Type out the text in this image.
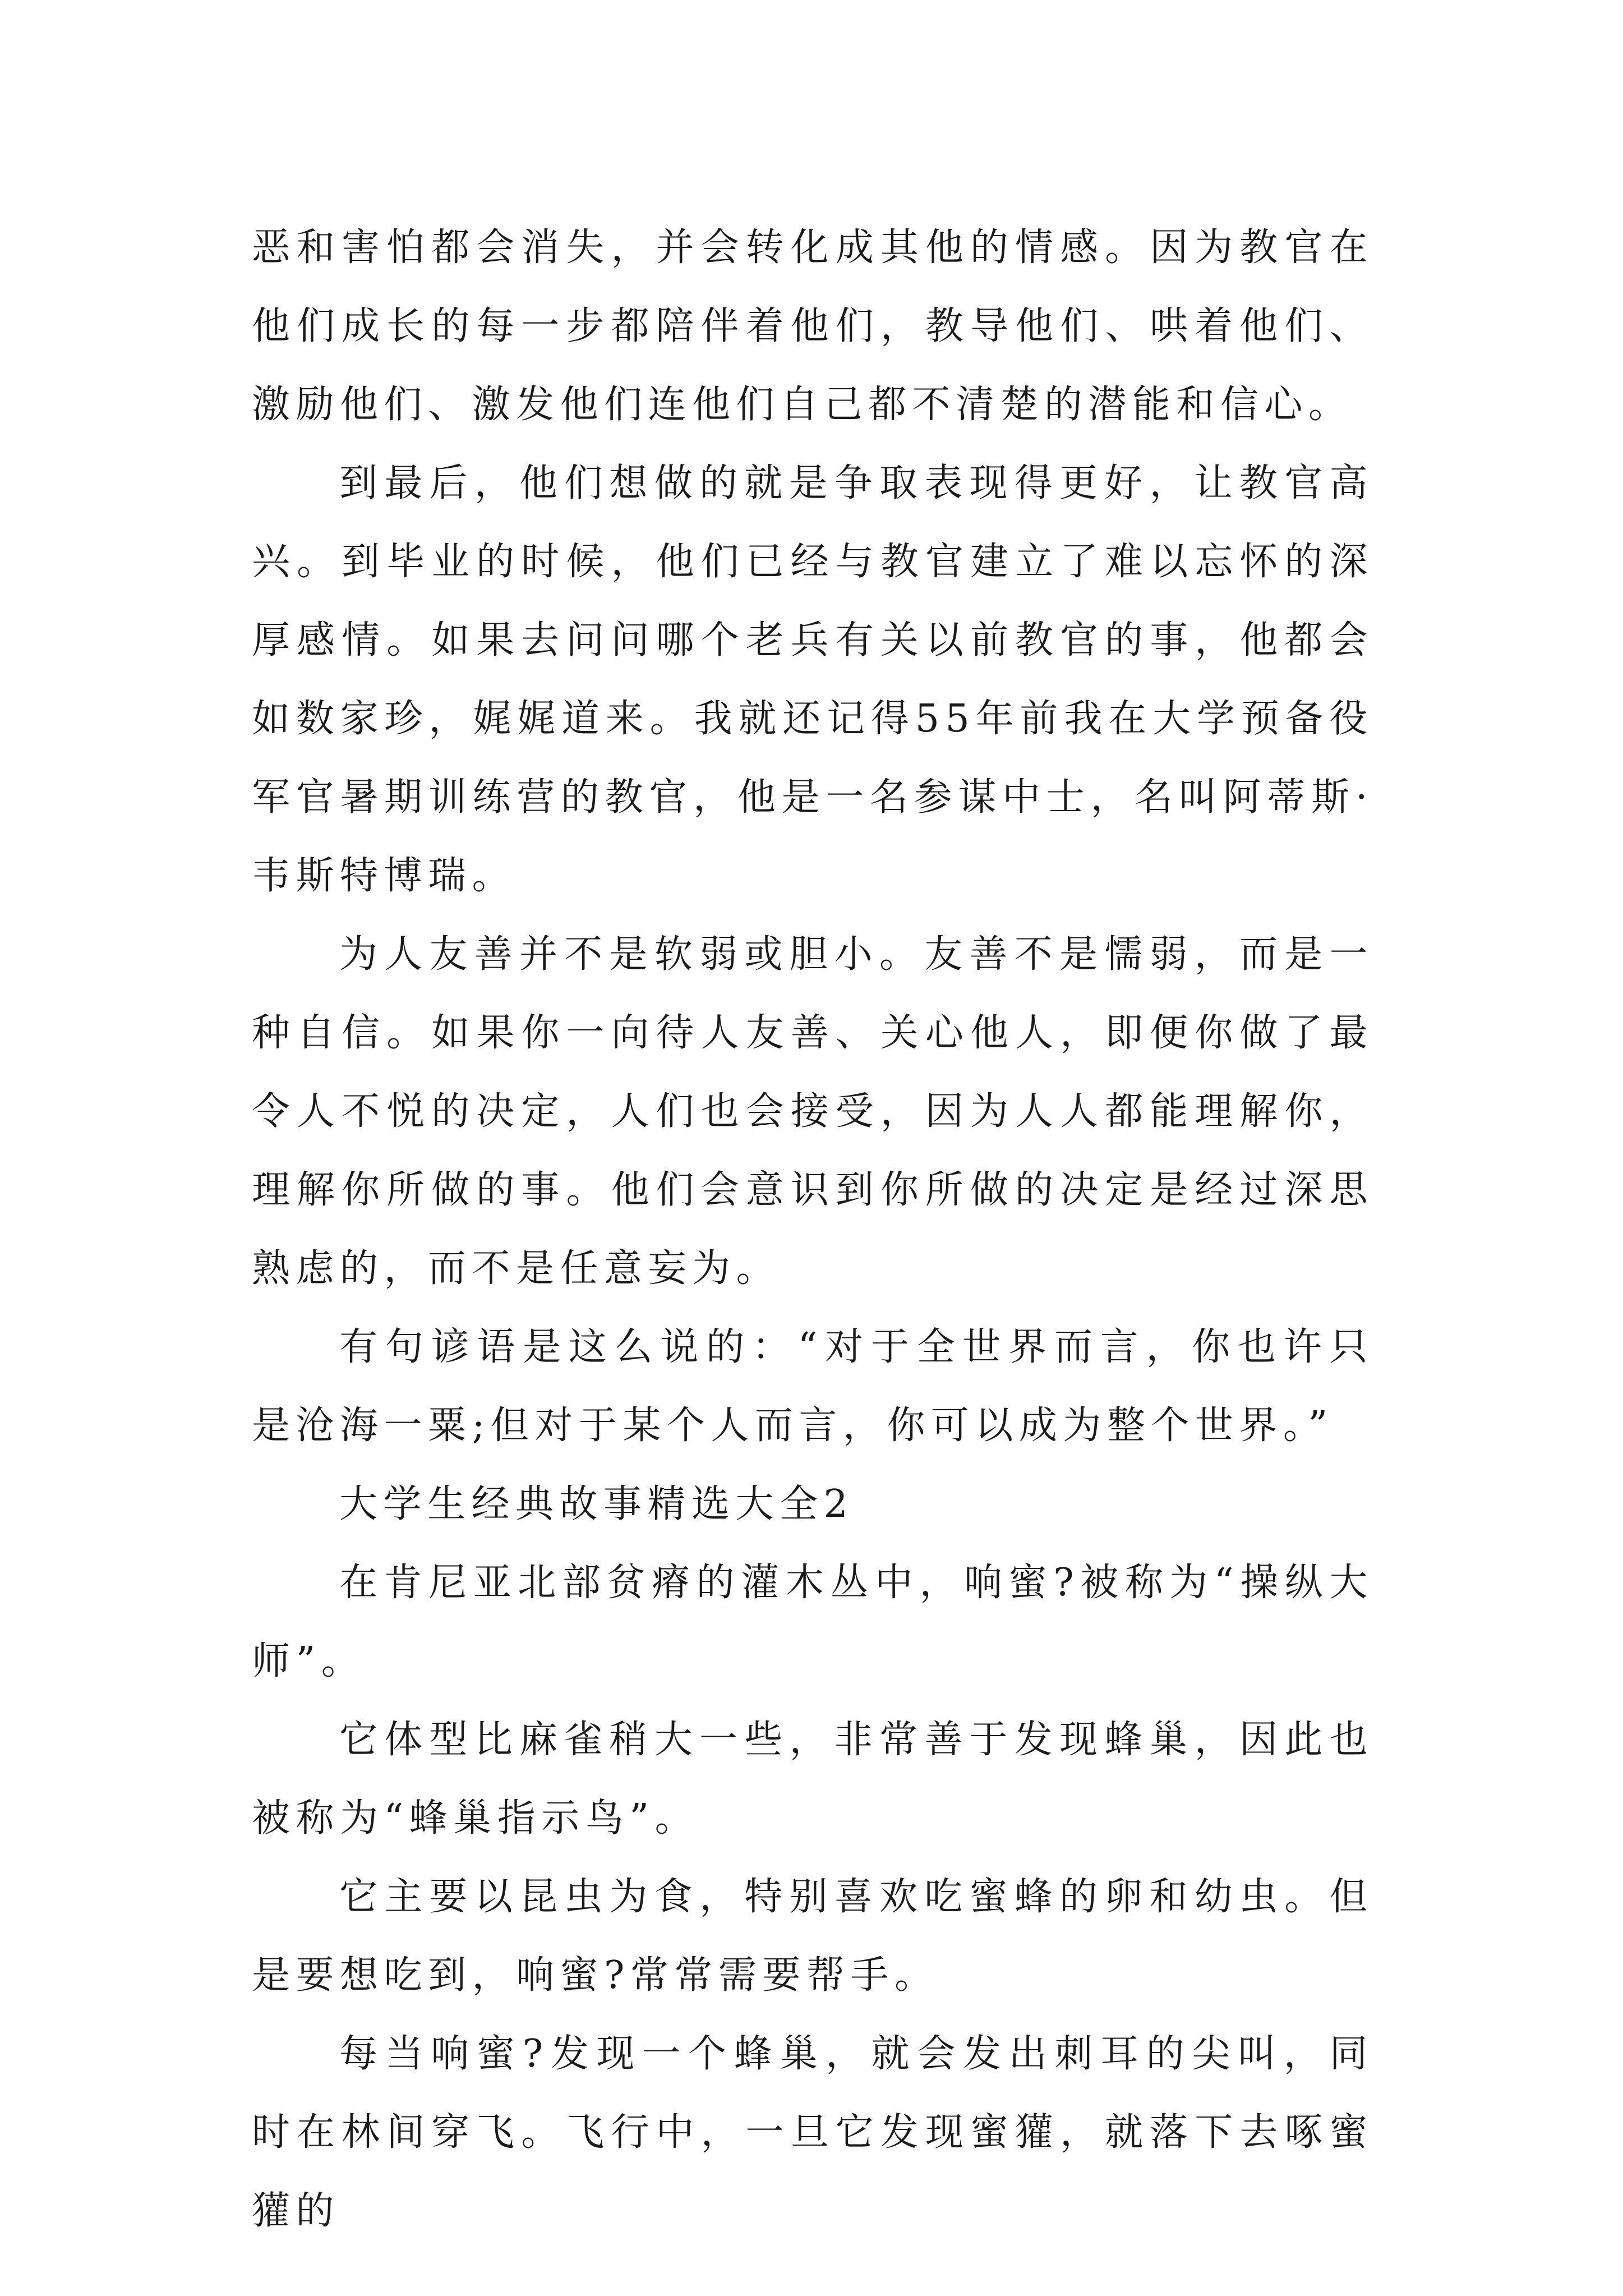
恶和害怕都会消失，并会转化成其他的情感。因为教官在他们成长的每一步都陪伴着他们，教导他们、哄着他们、激励他们、激发他们连他们自己都不清楚的潜能和信心。

到最后，他们想做的就是争取表现得更好，让教官高兴。到毕业的时候，他们已经与教官建立了难以忘怀的深厚感情。如果去问问哪个老兵有关以前教官的事，他都会如数家珍，娓娓道来。我就还记得55年前我在大学预备役军官暑期训练营的教官，他是一名参谋中士，名叫阿蒂斯·韦斯特博瑞。

为人友善并不是软弱或胆小。友善不是懦弱，而是一种自信。如果你一向待人友善、关心他人，即便你做了最令人不悦的决定，人们也会接受，因为人人都能理解你，理解你所做的事。他们会意识到你所做的决定是经过深思熟虑的，而不是任意妄为。

有句谚语是这么说的：“对于全世界而言，你也许只是沧海一粟;但对于某个人而言，你可以成为整个世界。”

大学生经典故事精选大全2

在肯尼亚北部贫瘠的灌木丛中，响蜜?被称为“操纵大师”。

它体型比麻雀稍大一些，非常善于发现蜂巢，因此也被称为“蜂巢指示鸟”。

它主要以昆虫为食，特别喜欢吃蜜蜂的卵和幼虫。但是要想吃到，响蜜?常常需要帮手。

每当响蜜?发现一个蜂巢，就会发出刺耳的尖叫，同时在林间穿飞。飞行中，一旦它发现蜜獾，就落下去啄蜜獾的
